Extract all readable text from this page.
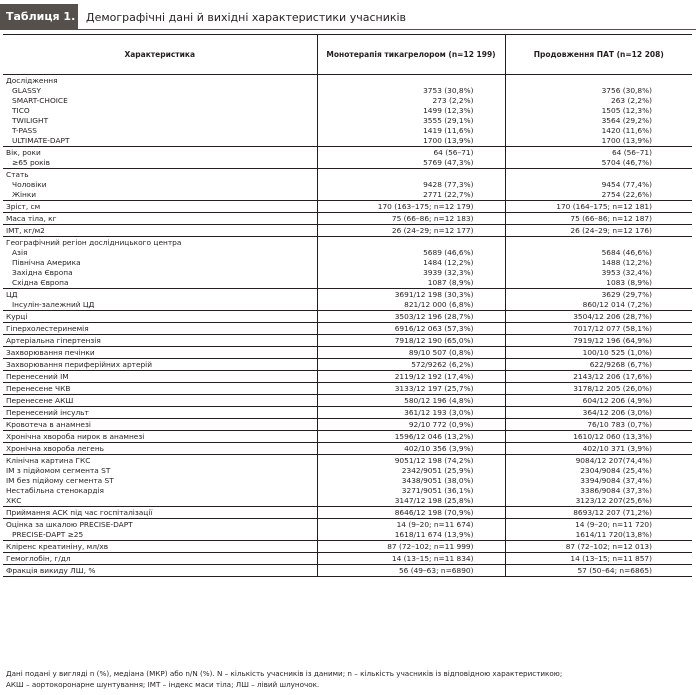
Таблиця 1. Демографічні дані й вихідні характеристики учасників
Характеристика	Монотерапія тикагрелором (n=12 199)	Продовження ПАТ (n=12 208)
Дослідження		
GLASSY	3753 (30,8%)	3756 (30,8%)
SMART-CHOICE	273 (2,2%)	263 (2,2%)
TICO	1499 (12,3%)	1505 (12,3%)
TWILIGHT	3555 (29,1%)	3564 (29,2%)
T-PASS	1419 (11,6%)	1420 (11,6%)
ULTIMATE-DAPT	1700 (13,9%)	1700 (13,9%)
Вік, роки	64 (56–71)	64 (56–71)
≥65 років	5769 (47,3%)	5704 (46,7%)
Стать		
Чоловіки	9428 (77,3%)	9454 (77,4%)
Жінки	2771 (22,7%)	2754 (22,6%)
Зріст, см	170 (163–175; n=12 179)	170 (164–175; n=12 181)
Маса тіла, кг	75 (66–86; n=12 183)	75 (66–86; n=12 187)
ІМТ, кг/м2	26 (24–29; n=12 177)	26 (24–29; n=12 176)
Географічний регіон дослідницького центра		
Азія	5689 (46,6%)	5684 (46,6%)
Північна Америка	1484 (12,2%)	1488 (12,2%)
Західна Європа	3939 (32,3%)	3953 (32,4%)
Східна Європа	1087 (8,9%)	1083 (8,9%)
ЦД	3691/12 198 (30,3%)	3629 (29,7%)
Інсулін-залежний ЦД	821/12 000 (6,8%)	860/12 014 (7,2%)
Курці	3503/12 196 (28,7%)	3504/12 206 (28,7%)
Гіперхолестеринемія	6916/12 063 (57,3%)	7017/12 077 (58,1%)
Артеріальна гіпертензія	7918/12 190 (65,0%)	7919/12 196 (64,9%)
Захворювання печінки	89/10 507 (0,8%)	100/10 525 (1,0%)
Захворювання периферійних артерій	572/9262 (6,2%)	622/9268 (6,7%)
Перенесений ІМ	2119/12 192 (17,4%)	2143/12 206 (17,6%)
Перенесене ЧКВ	3133/12 197 (25,7%)	3178/12 205 (26,0%)
Перенесене АКШ	580/12 196 (4,8%)	604/12 206 (4,9%)
Перенесений інсульт	361/12 193 (3,0%)	364/12 206 (3,0%)
Кровотеча в анамнезі	92/10 772 (0,9%)	76/10 783 (0,7%)
Хронічна хвороба нирок в анамнезі	1596/12 046 (13,2%)	1610/12 060 (13,3%)
Хронічна хвороба легень	402/10 356 (3,9%)	402/10 371 (3,9%)
Клінічна картина ГКС	9051/12 198 (74,2%)	9084/12 207(74,4%)
ІМ з підйомом сегмента ST	2342/9051 (25,9%)	2304/9084 (25,4%)
ІМ без підйому сегмента ST	3438/9051 (38,0%)	3394/9084 (37,4%)
Нестабільна стенокардія	3271/9051 (36,1%)	3386/9084 (37,3%)
ХКС	3147/12 198 (25,8%)	3123/12 207(25,6%)
Приймання АСК під час госпіталізації	8646/12 198 (70,9%)	8693/12 207 (71,2%)
Оцінка за шкалою PRECISE-DAPT	14 (9–20; n=11 674)	14 (9–20; n=11 720)
PRECISE-DAPT ≥25	1618/11 674 (13,9%)	1614/11 720(13,8%)
Кліренс креатиніну, мл/хв	87 (72–102; n=11 999)	87 (72–102; n=12 013)
Гемоглобін, г/дл	14 (13–15; n=11 834)	14 (13–15; n=11 857)
Фракція викиду ЛШ, %	56 (49–63; n=6890)	57 (50–64; n=6865)
Дані подані у вигляді n (%), медіана (МКР) або n/N (%). N – кількість учасників із даними; n – кількість учасників із відповідною характеристикою;
АКШ – аортокоронарне шунтування; ІМТ – індекс маси тіла; ЛШ – лівий шлуночок.
